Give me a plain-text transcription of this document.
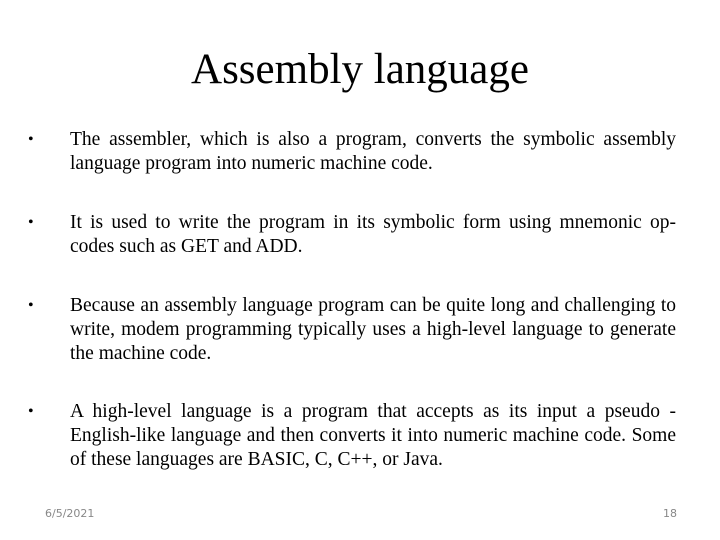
Assembly language
•	The assembler, which is also a program, converts the symbolic assembly language program into numeric machine code.
•	It is used to write the program in its symbolic form using mnemonic op-codes such as GET and ADD.
•	Because an assembly language program can be quite long and challenging to write, modem programming typically uses a high-level language to generate the machine code.
•	A high-level language is a program that accepts as its input a pseudo -English-like language and then converts it into numeric machine code. Some of these languages are BASIC, C, C++, or Java.
6/5/2021	18
